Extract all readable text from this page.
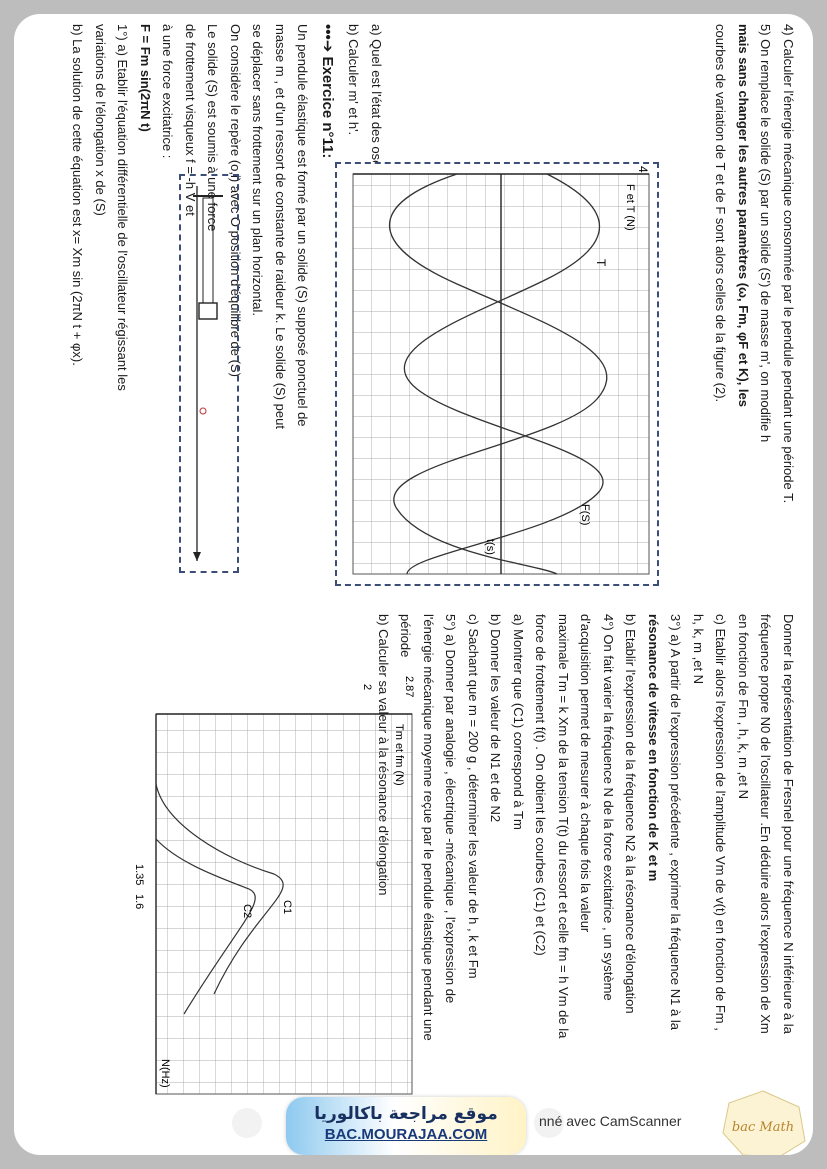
4) Calculer l'énergie mécanique consommée par le pendule pendant une période T.

5) On remplace le solide (S) par un solide (S') de masse m', on modifie h

mais sans changer les autres paramètres (ω, Fm, φF et K), les

courbes de variation de T et de F sont alors celles de la figure (2).

b) Calculer m' et h'.

•••➔ Exercice n°11:

Un pendule élastique est formé par un solide (S) supposé ponctuel de

masse m , et d'un ressort de constante de raideur k. Le solide (S) peut

se déplacer sans frottement sur un plan horizontal.

On considère le repère (o,i) avec O position d'équilibre de (S)

Le solide (S) est soumis à une force

de frottement visqueux f = -h V et

à une force excitatrice :

F = Fm sin(2πN t)

1°) a) Etablir l'équation différentielle de l'oscillateur régissant les

variations de l'élongation x de (S)

b) La solution de cette équation est x= Xm sin (2πN t + φx).	4
F et T (N)
T
F(S)
t(s)

Donner la représentation de Fresnel pour une fréquence N inférieure à la

fréquence propre N0 de l'oscillateur .En déduire alors l'expression de Xm

en fonction de Fm , h, k, m ,et N

c) Etablir alors l'expression de l'amplitude Vm de v(t) en fonction de Fm ,

h, k, m ,et N

3°) a) A partir de l'expression précédente , exprimer la fréquence N1 à la

résonance de vitesse en fonction de K et m

b) Etablir l'expression de la fréquence N2 à la résonance d'élongation

4°) On fait varier la fréquence N de la force excitatrice , un système

d'acquisition permet de mesurer à chaque fois la valeur

maximale Tm = k Xm de la tension T(t) du ressort et celle fm = h Vm de la

force de frottement f(t) . On obtient les courbes (C1) et (C2)

a) Montrer que (C1) correspond à Tm

b) Donner les valeur de N1 et de N2

c) Sachant que m = 200 g , déterminer les valeur de h , k et Fm

5°) a) Donner par analogie , électrique -mécanique , l'expression de

l'énergie mécanique moyenne reçue par le pendule élastique pendant une

période

Tm et fm (N)
N(Hz)
2.87
2
1.35
1.6	C1
C2
موقع مراجعة باكالوريا
BAC.MOURAJAA.COM
nné avec CamScanner	bac Math
